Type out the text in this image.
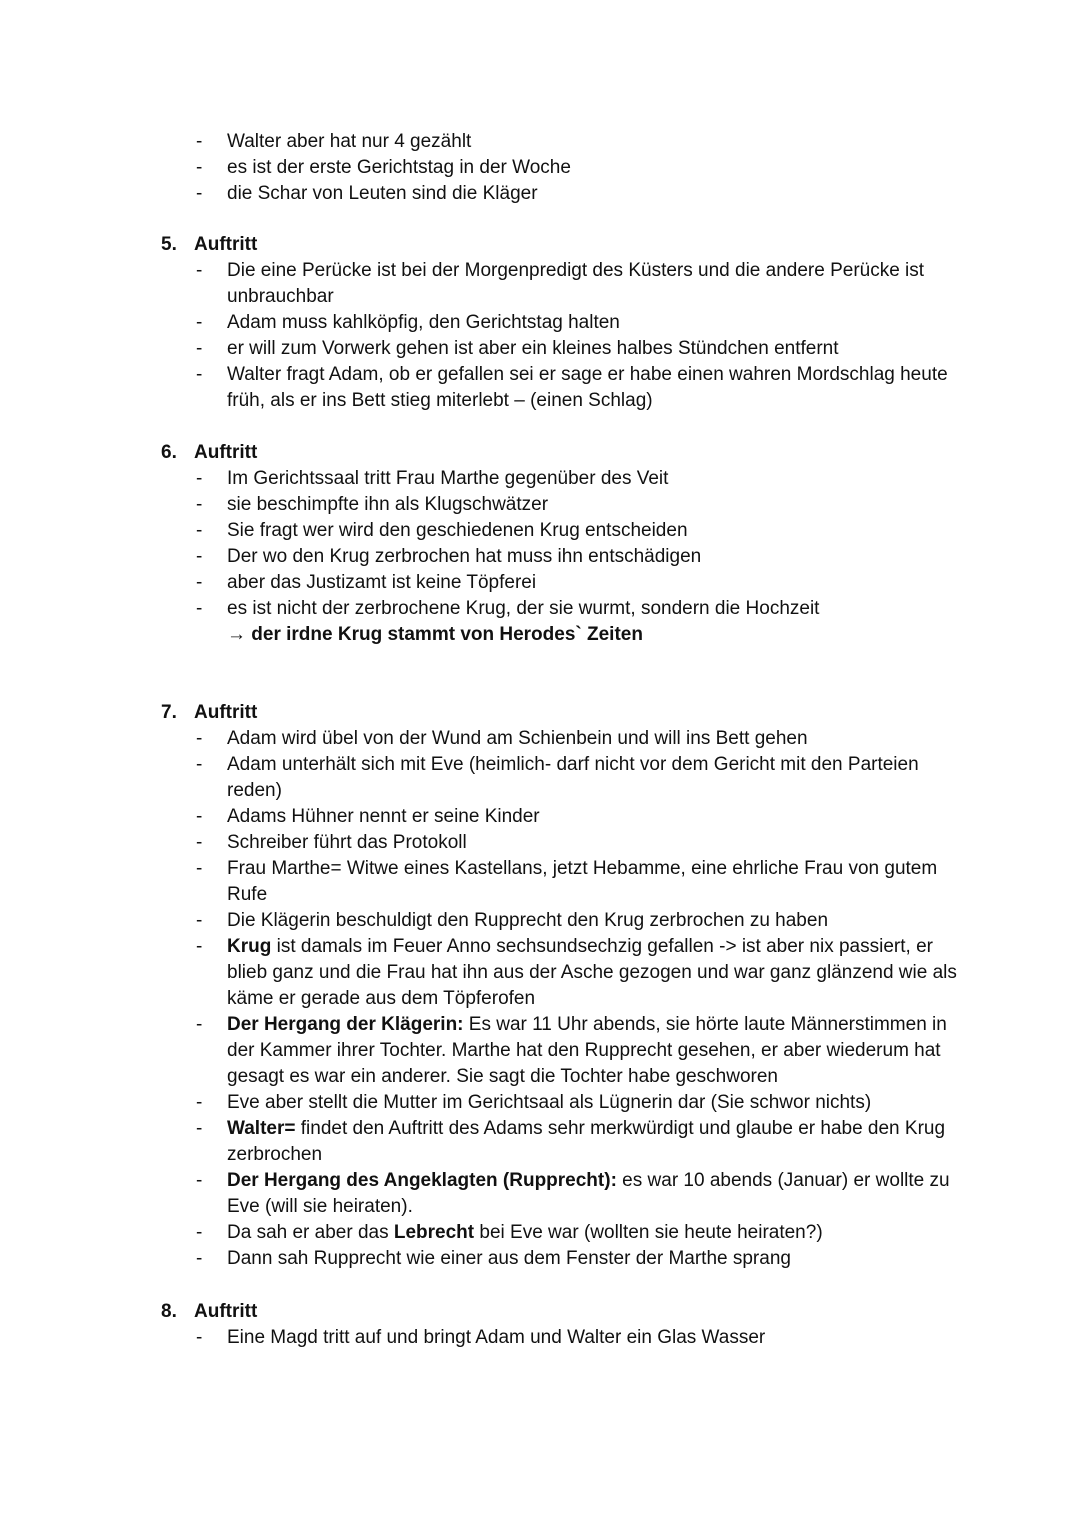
- Walter aber hat nur 4 gezählt
- es ist der erste Gerichtstag in der Woche
- die Schar von Leuten sind die Kläger
5. Auftritt
- Die eine Perücke ist bei der Morgenpredigt des Küsters und die andere Perücke ist unbrauchbar
- Adam muss kahlköpfig, den Gerichtstag halten
- er will zum Vorwerk gehen ist aber ein kleines halbes Stündchen entfernt
- Walter fragt Adam, ob er gefallen sei er sage er habe einen wahren Mordschlag heute früh, als er ins Bett stieg miterlebt – (einen Schlag)
6. Auftritt
- Im Gerichtssaal tritt Frau Marthe gegenüber des Veit
- sie beschimpfte ihn als Klugschwätzer
- Sie fragt wer wird den geschiedenen Krug entscheiden
- Der wo den Krug zerbrochen hat muss ihn entschädigen
- aber das Justizamt ist keine Töpferei
- es ist nicht der zerbrochene Krug, der sie wurmt, sondern die Hochzeit
→ der irdne Krug stammt von Herodes` Zeiten
7. Auftritt
- Adam wird übel von der Wund am Schienbein und will ins Bett gehen
- Adam unterhält sich mit Eve (heimlich- darf nicht vor dem Gericht mit den Parteien reden)
- Adams Hühner nennt er seine Kinder
- Schreiber führt das Protokoll
- Frau Marthe= Witwe eines Kastellans, jetzt Hebamme, eine ehrliche Frau von gutem Rufe
- Die Klägerin beschuldigt den Rupprecht den Krug zerbrochen zu haben
- Krug ist damals im Feuer Anno sechsundsechzig gefallen -> ist aber nix passiert, er blieb ganz und die Frau hat ihn aus der Asche gezogen und war ganz glänzend wie als käme er gerade aus dem Töpferofen
- Der Hergang der Klägerin: Es war 11 Uhr abends, sie hörte laute Männerstimmen in der Kammer ihrer Tochter. Marthe hat den Rupprecht gesehen, er aber wiederum hat gesagt es war ein anderer. Sie sagt die Tochter habe geschworen
- Eve aber stellt die Mutter im Gerichtsaal als Lügnerin dar (Sie schwor nichts)
- Walter= findet den Auftritt des Adams sehr merkwürdigt und glaube er habe den Krug zerbrochen
- Der Hergang des Angeklagten (Rupprecht): es war 10 abends (Januar) er wollte zu Eve (will sie heiraten).
- Da sah er aber das Lebrecht bei Eve war (wollten sie heute heiraten?)
- Dann sah Rupprecht wie einer aus dem Fenster der Marthe sprang
8. Auftritt
- Eine Magd tritt auf und bringt Adam und Walter ein Glas Wasser
